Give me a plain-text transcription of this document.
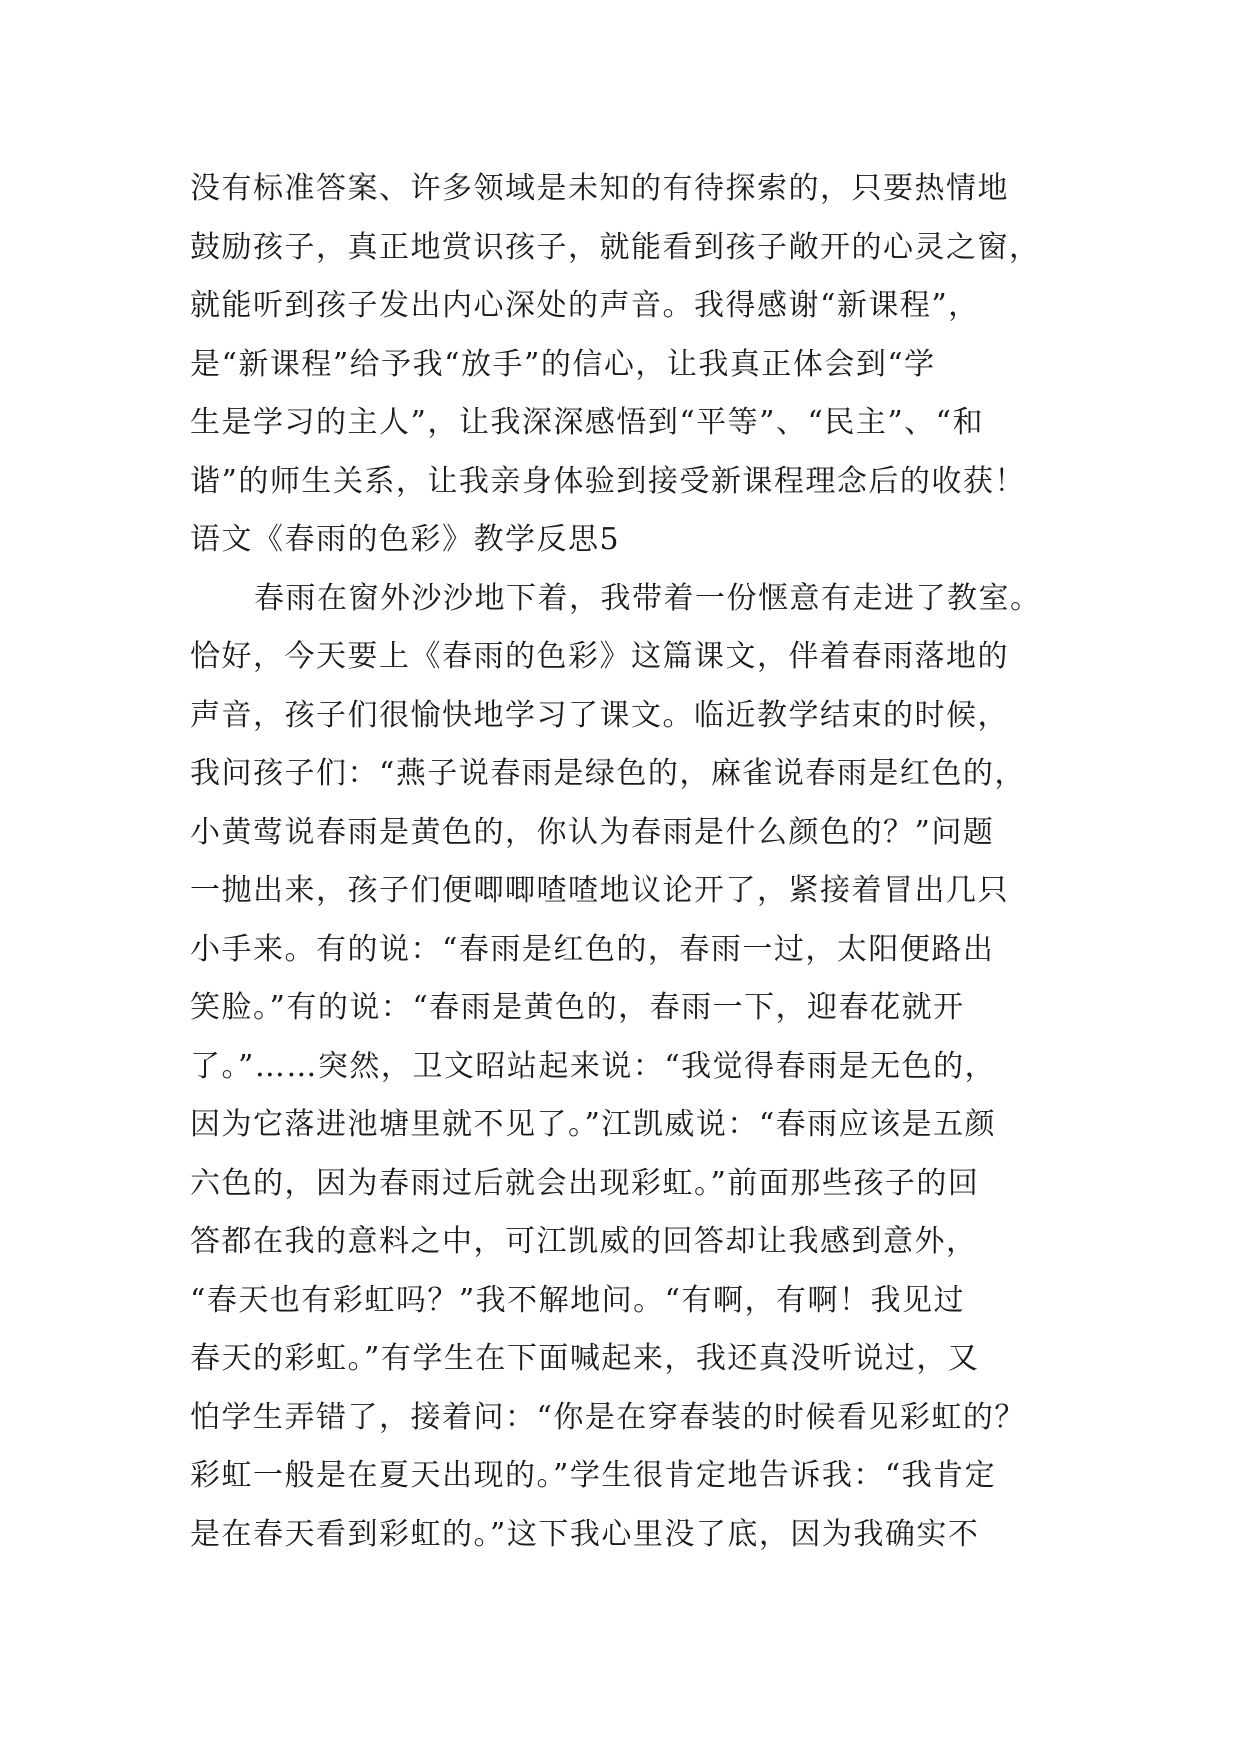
没有标准答案、许多领域是未知的有待探索的，只要热情地
鼓励孩子，真正地赏识孩子，就能看到孩子敞开的心灵之窗，
就能听到孩子发出内心深处的声音。我得感谢“新课程”，
是“新课程”给予我“放手”的信心，让我真正体会到“学
生是学习的主人”，让我深深感悟到“平等”、“民主”、“和
谐”的师生关系，让我亲身体验到接受新课程理念后的收获！
语文《春雨的色彩》教学反思5
春雨在窗外沙沙地下着，我带着一份惬意有走进了教室。
恰好，今天要上《春雨的色彩》这篇课文，伴着春雨落地的
声音，孩子们很愉快地学习了课文。临近教学结束的时候，
我问孩子们：“燕子说春雨是绿色的，麻雀说春雨是红色的，
小黄莺说春雨是黄色的，你认为春雨是什么颜色的？”问题
一抛出来，孩子们便唧唧喳喳地议论开了，紧接着冒出几只
小手来。有的说：“春雨是红色的，春雨一过，太阳便路出
笑脸。”有的说：“春雨是黄色的，春雨一下，迎春花就开
了。”……突然，卫文昭站起来说：“我觉得春雨是无色的，
因为它落进池塘里就不见了。”江凯威说：“春雨应该是五颜
六色的，因为春雨过后就会出现彩虹。”前面那些孩子的回
答都在我的意料之中，可江凯威的回答却让我感到意外，
“春天也有彩虹吗？”我不解地问。“有啊，有啊！我见过
春天的彩虹。”有学生在下面喊起来，我还真没听说过，又
怕学生弄错了，接着问：“你是在穿春装的时候看见彩虹的？
彩虹一般是在夏天出现的。”学生很肯定地告诉我：“我肯定
是在春天看到彩虹的。”这下我心里没了底，因为我确实不
